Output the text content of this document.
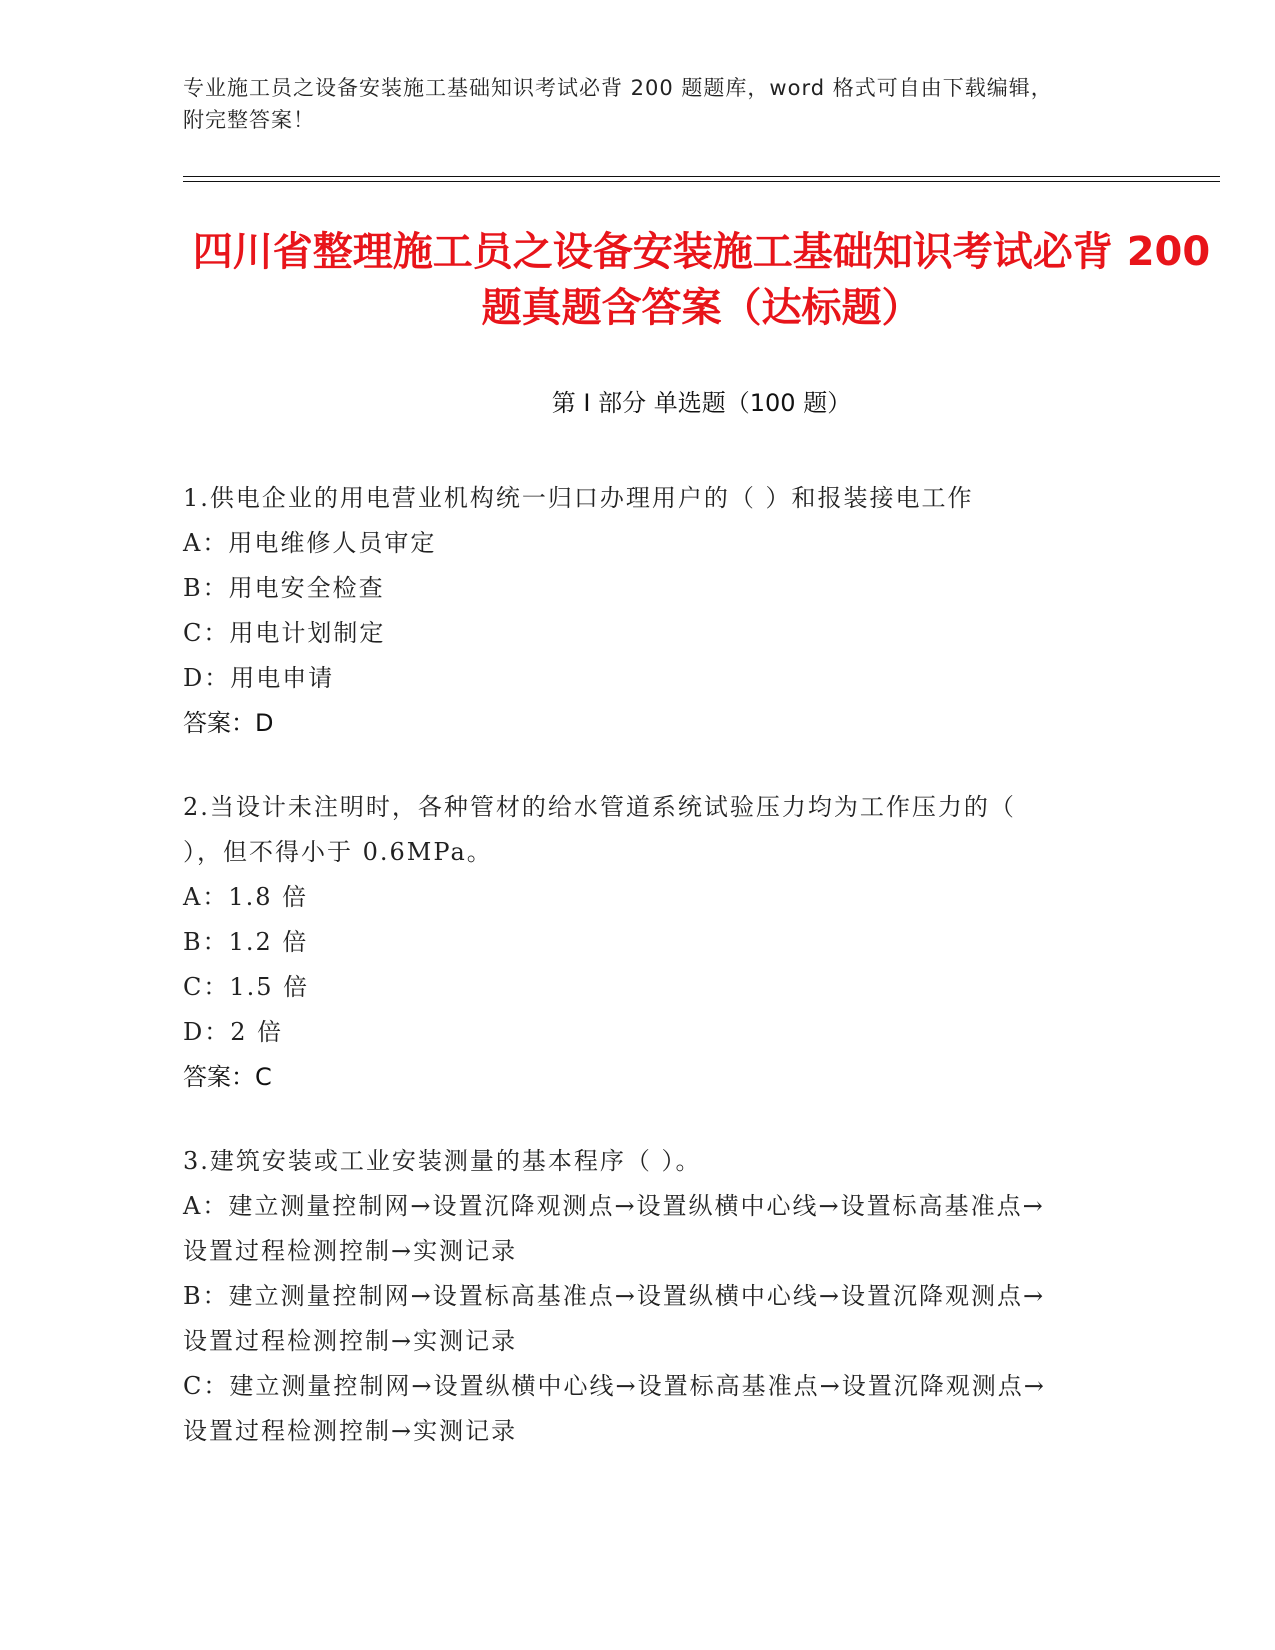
专业施工员之设备安装施工基础知识考试必背 200 题题库，word 格式可自由下载编辑，附完整答案！
四川省整理施工员之设备安装施工基础知识考试必背 200 题真题含答案（达标题）
第 I 部分 单选题（100 题）
1.供电企业的用电营业机构统一归口办理用户的（ ）和报装接电工作
A：用电维修人员审定
B：用电安全检查
C：用电计划制定
D：用电申请
答案：D
2.当设计未注明时，各种管材的给水管道系统试验压力均为工作压力的（ ），但不得小于 0.6MPa。
A：1.8 倍
B：1.2 倍
C：1.5 倍
D：2 倍
答案：C
3.建筑安装或工业安装测量的基本程序（ ）。
A：建立测量控制网→设置沉降观测点→设置纵横中心线→设置标高基准点→设置过程检测控制→实测记录
B：建立测量控制网→设置标高基准点→设置纵横中心线→设置沉降观测点→设置过程检测控制→实测记录
C：建立测量控制网→设置纵横中心线→设置标高基准点→设置沉降观测点→设置过程检测控制→实测记录
